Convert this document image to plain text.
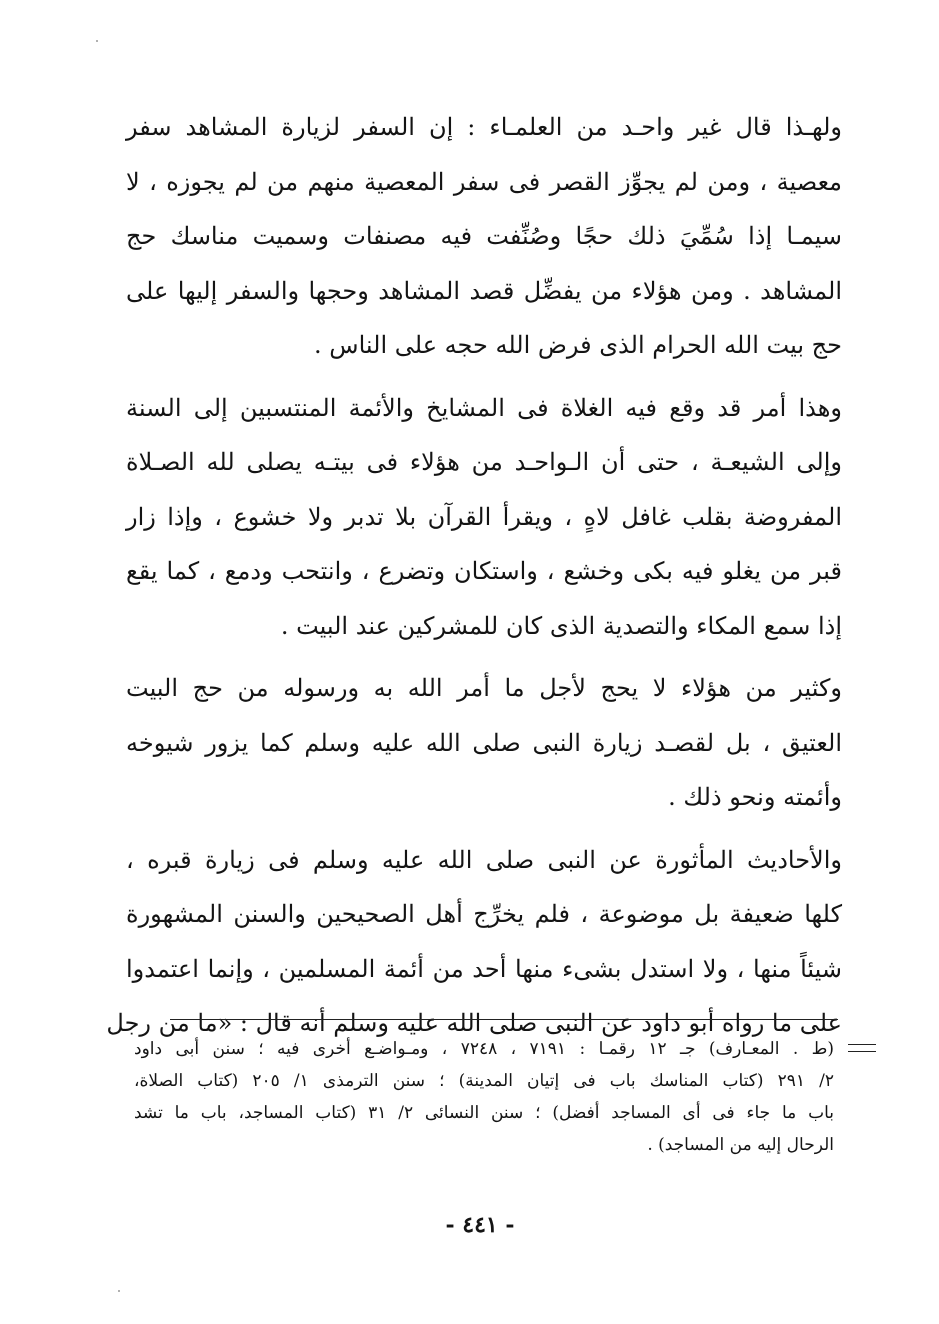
ولهـذا قال غير واحـد من العلمـاء : إن السفر لزيارة المشاهد سفر
معصية ، ومن لم يجوِّز القصر فى سفر المعصية منهم من لم يجوزه ، لا
سيمـا إذا سُمِّيَ ذلك حجًا وصُنِّفت فيه مصنفات وسميت مناسك حج
المشاهد . ومن هؤلاء من يفضِّل قصد المشاهد وحجها والسفر إليها على
حج بيت الله الحرام الذى فرض الله حجه على الناس .

وهذا أمر قد وقع فيه الغلاة فى المشايخ والأئمة المنتسبين إلى السنة
وإلى الشيعـة ، حتى أن الـواحـد من هؤلاء فى بيتـه يصلى لله الصـلاة
المفروضة بقلب غافل لاهٍ ، ويقرأ القرآن بلا تدبر ولا خشوع ، وإذا زار
قبر من يغلو فيه بكى وخشع ، واستكان وتضرع ، وانتحب ودمع ، كما يقع
إذا سمع المكاء والتصدية الذى كان للمشركين عند البيت .

وكثير من هؤلاء لا يحج لأجل ما أمر الله به ورسوله من حج البيت
العتيق ، بل لقصـد زيارة النبى صلى الله عليه وسلم كما يزور شيوخه
وأئمته ونحو ذلك .

والأحاديث المأثورة عن النبى صلى الله عليه وسلم فى زيارة قبره ،
كلها ضعيفة بل موضوعة ، فلم يخرِّج أهل الصحيحين والسنن المشهورة
شيئاً منها ، ولا استدل بشىء منها أحد من أئمة المسلمين ، وإنما اعتمدوا
على ما رواه أبو داود عن النبى صلى الله عليه وسلم أنه قال : «ما من رجل

(ط . المعـارف) جـ ١٢ رقمـا : ٧١٩١ ، ٧٢٤٨ ، ومـواضـع أخرى فيه ؛ سنن أبى داود
٢/ ٢٩١ (كتاب المناسك باب فى إتيان المدينة) ؛ سنن الترمذى ١/ ٢٠٥ (كتاب الصلاة،
باب ما جاء فى أى المساجد أفضل) ؛ سنن النسائى ٢/ ٣١ (كتاب المساجد، باب ما تشد
الرحال إليه من المساجد) .
- ٤٤١ -
